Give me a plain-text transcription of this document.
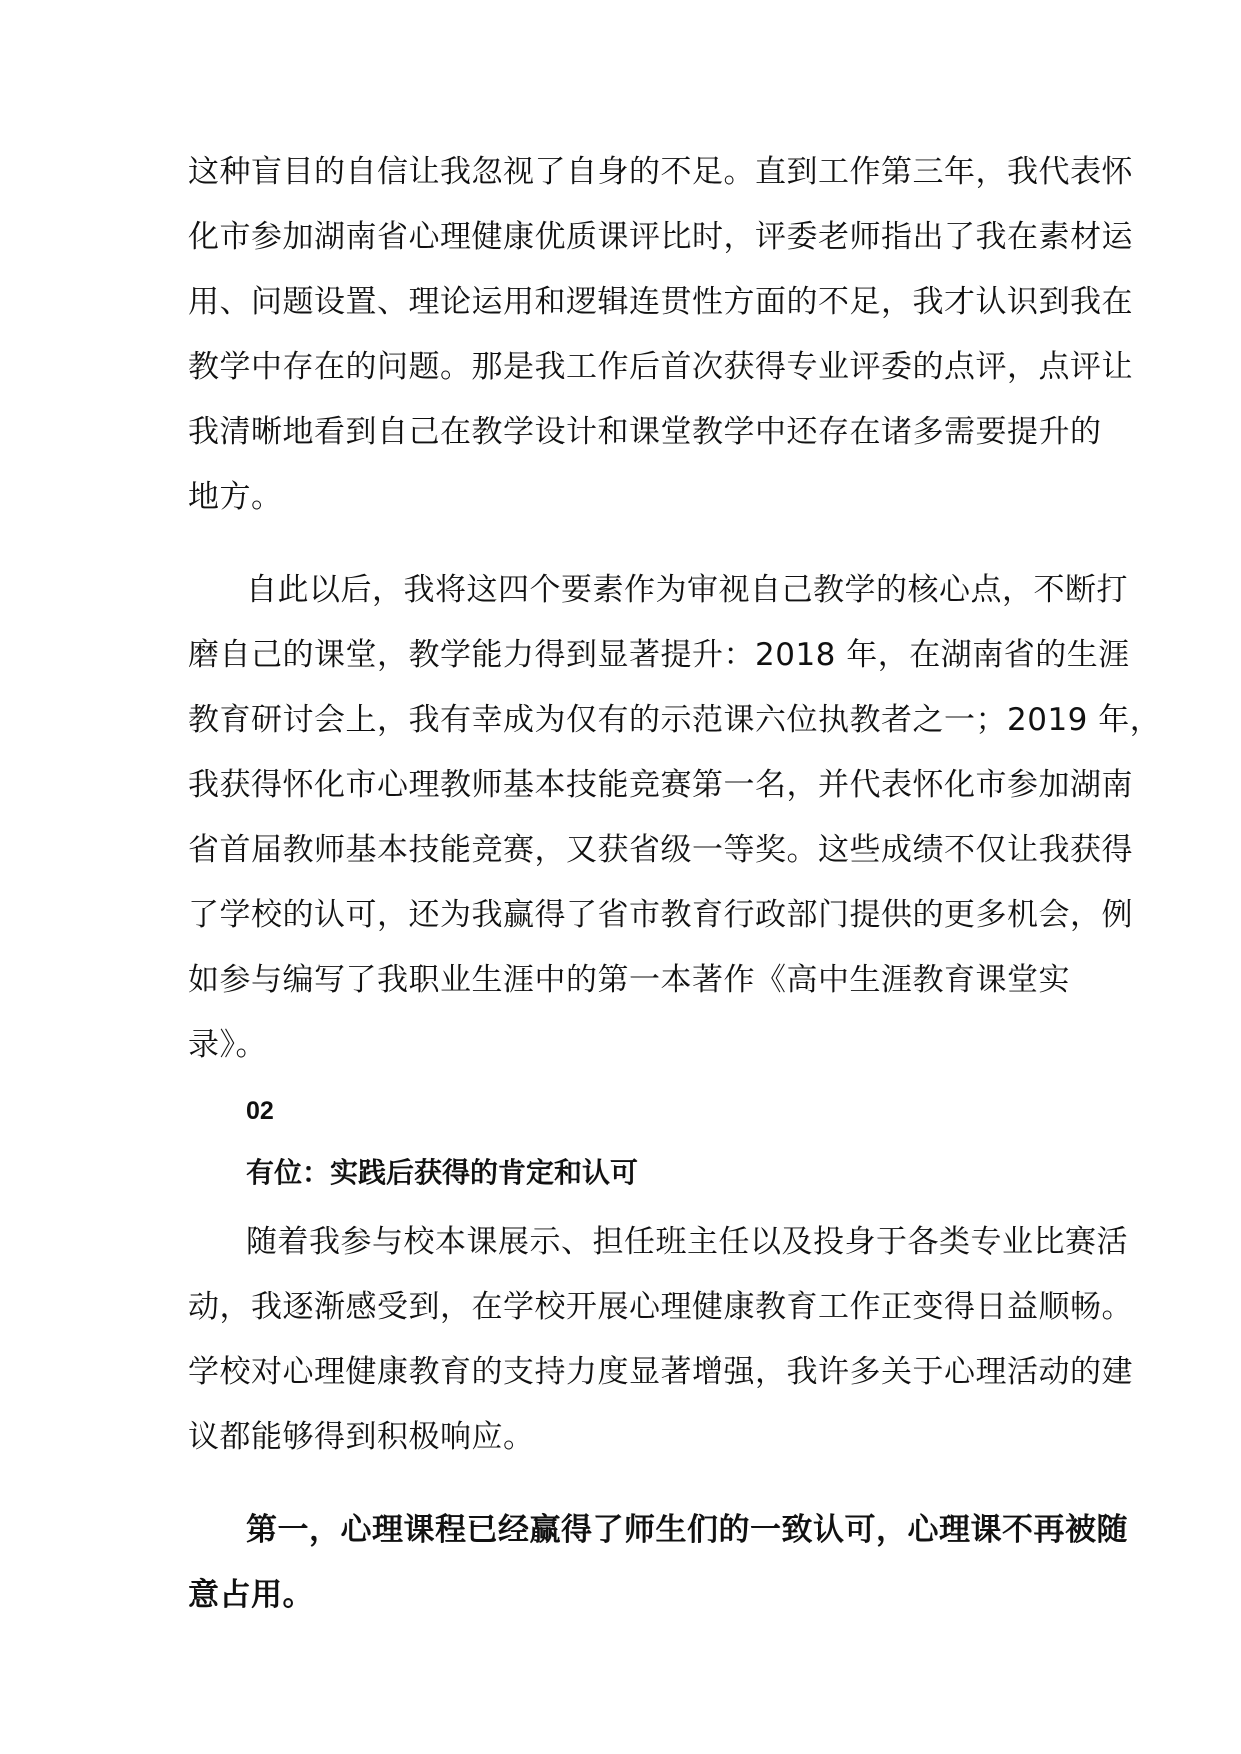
这种盲目的自信让我忽视了自身的不足。直到工作第三年，我代表怀
化市参加湖南省心理健康优质课评比时，评委老师指出了我在素材运
用、问题设置、理论运用和逻辑连贯性方面的不足，我才认识到我在
教学中存在的问题。那是我工作后首次获得专业评委的点评，点评让
我清晰地看到自己在教学设计和课堂教学中还存在诸多需要提升的
地方。
自此以后，我将这四个要素作为审视自己教学的核心点，不断打
磨自己的课堂，教学能力得到显著提升：2018 年，在湖南省的生涯
教育研讨会上，我有幸成为仅有的示范课六位执教者之一；2019 年，
我获得怀化市心理教师基本技能竞赛第一名，并代表怀化市参加湖南
省首届教师基本技能竞赛，又获省级一等奖。这些成绩不仅让我获得
了学校的认可，还为我赢得了省市教育行政部门提供的更多机会，例
如参与编写了我职业生涯中的第一本著作《高中生涯教育课堂实
录》。
02
有位：实践后获得的肯定和认可
随着我参与校本课展示、担任班主任以及投身于各类专业比赛活
动，我逐渐感受到，在学校开展心理健康教育工作正变得日益顺畅。
学校对心理健康教育的支持力度显著增强，我许多关于心理活动的建
议都能够得到积极响应。
第一，心理课程已经赢得了师生们的一致认可，心理课不再被随
意占用。
